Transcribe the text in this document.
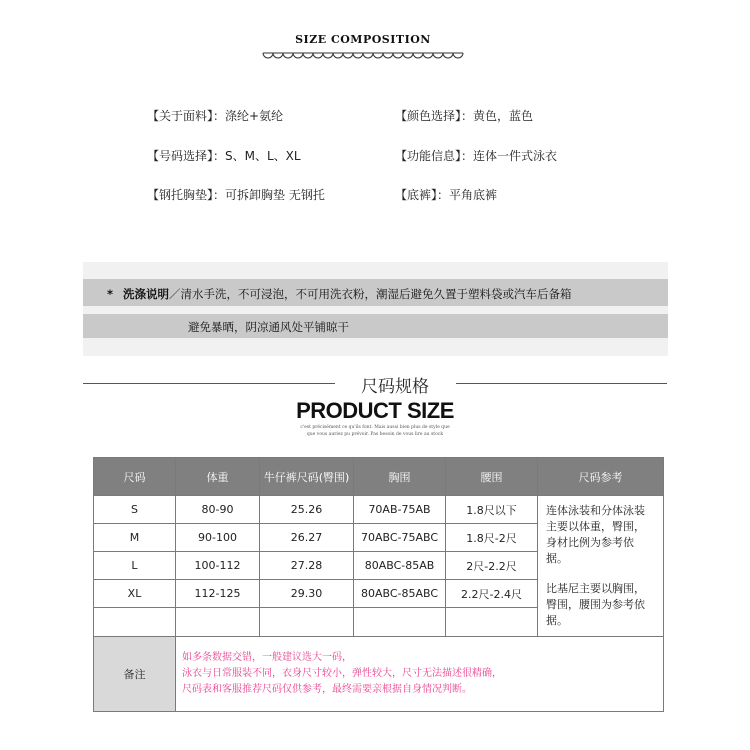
SIZE COMPOSITION
【关于面料】：涤纶+氨纶	【颜色选择】：黄色，蓝色
【号码选择】：S、M、L、XL	【功能信息】：连体一件式泳衣
【钢托胸垫】：可拆卸胸垫 无钢托	【底裤】：平角底裤
* 洗涤说明／清水手洗，不可浸泡，不可用洗衣粉，潮湿后避免久置于塑料袋或汽车后备箱
避免暴晒，阴凉通风处平铺晾干
尺码规格
PRODUCT SIZE
c'est précisément ce qu'ils font. Mais aussi bien plus de style que
que vous auriez pu prévoir. Pas besoin de vous lire au stock
尺码	体重	牛仔裤尺码(臀围)	胸围	腰围	尺码参考
S	80-90	25.26	70AB-75AB	1.8尺以下	连体泳装和分体泳装主要以体重，臀围，身材比例为参考依据。

比基尼主要以胸围，臀围，腰围为参考依据。

M	90-100	26.27	70ABC-75ABC	1.8尺-2尺	
L	100-112	27.28	80ABC-85AB	2尺-2.2尺	
XL	112-125	29.30	80ABC-85ABC	2.2尺-2.4尺	

备注	如多条数据交错，一般建议选大一码，
泳衣与日常服装不同，衣身尺寸较小，弹性较大，尺寸无法描述很精确，
尺码表和客服推荐尺码仅供参考，最终需要亲根据自身情况判断。				
